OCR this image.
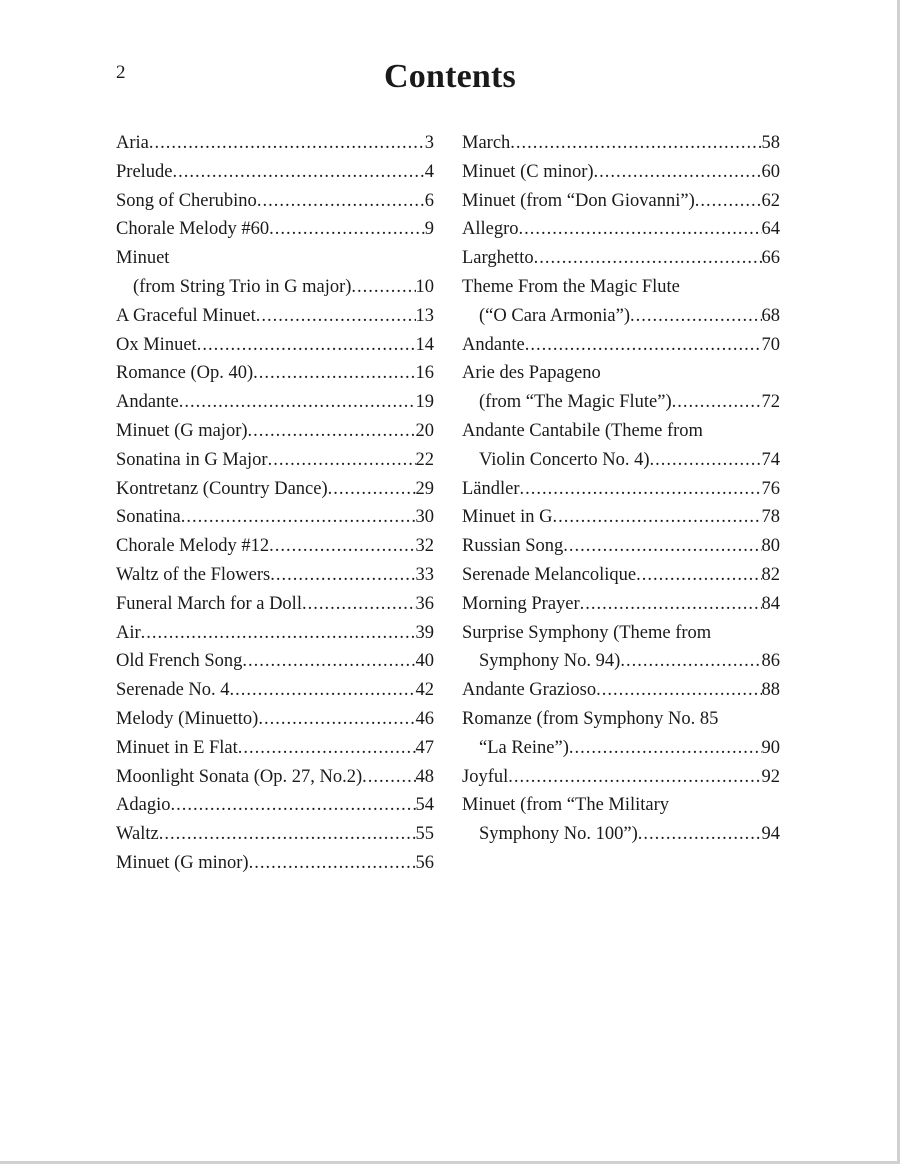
2	Contents
Aria .....	3
Prelude .....	4
Song of Cherubino .....	6
Chorale Melody #60 .....	9
Minuet
(from String Trio in G major) .....	10
A Graceful Minuet .....	13
Ox Minuet .....	14
Romance (Op. 40) .....	16
Andante .....	19
Minuet (G major) .....	20
Sonatina in G Major .....	22
Kontretanz (Country Dance) .....	29
Sonatina .....	30
Chorale Melody #12 .....	32
Waltz of the Flowers .....	33
Funeral March for a Doll .....	36
Air .....	39
Old French Song .....	40
Serenade No. 4 .....	42
Melody (Minuetto) .....	46
Minuet in E Flat .....	47
Moonlight Sonata (Op. 27, No.2) .....	48
Adagio .....	54
Waltz .....	55
Minuet (G minor) .....	56
March .....	58
Minuet (C minor) .....	60
Minuet (from “Don Giovanni”) .....	62
Allegro .....	64
Larghetto .....	66
Theme From the Magic Flute
(“O Cara Armonia”) .....	68
Andante .....	70
Arie des Papageno
(from “The Magic Flute”) .....	72
Andante Cantabile (Theme from
Violin Concerto No. 4) .....	74
Ländler .....	76
Minuet in G .....	78
Russian Song .....	80
Serenade Melancolique .....	82
Morning Prayer .....	84
Surprise Symphony (Theme from
Symphony No. 94) .....	86
Andante Grazioso .....	88
Romanze (from Symphony No. 85
“La Reine”) .....	90
Joyful .....	92
Minuet (from “The Military
Symphony No. 100”) .....	94
